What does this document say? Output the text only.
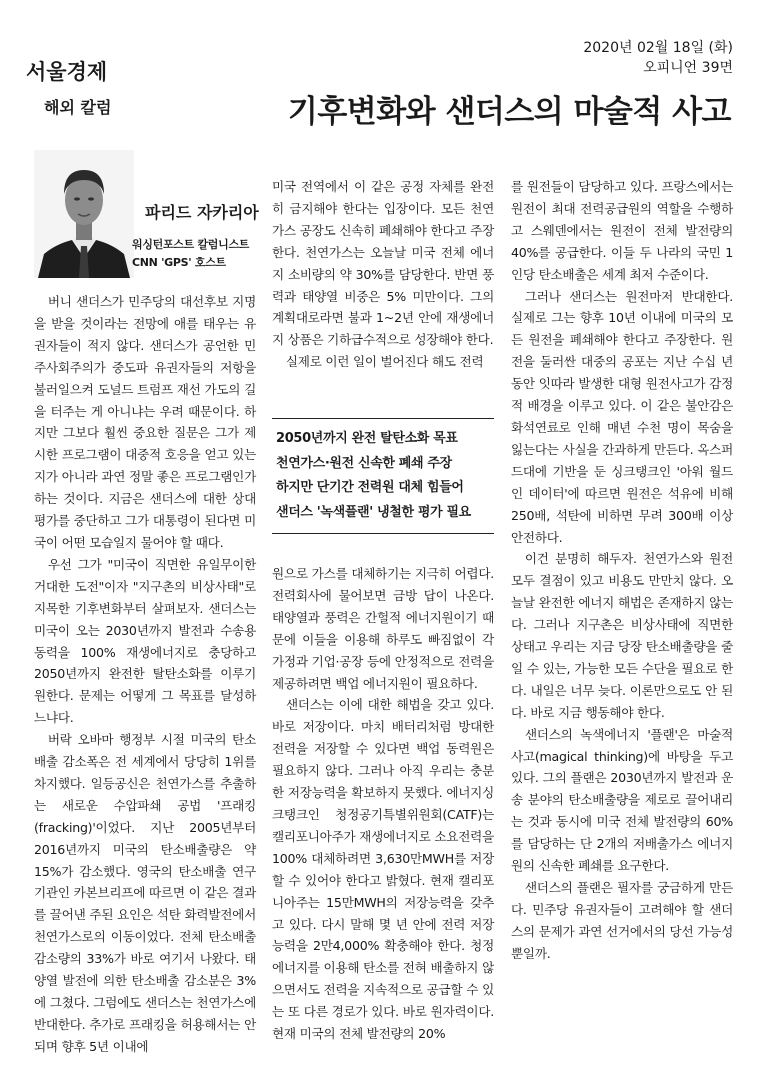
서울경제
해외 칼럼
2020년 02월 18일 (화)
오피니언 39면
기후변화와 샌더스의 마술적 사고
파리드 자카리아
워싱턴포스트 칼럼니스트
CNN 'GPS' 호스트

버니 샌더스가 민주당의 대선후보 지명을 받을 것이라는 전망에 애를 태우는 유권자들이 적지 않다. 샌더스가 공언한 민주사회주의가 중도파 유권자들의 저항을 불러일으켜 도널드 트럼프 재선 가도의 길을 터주는 게 아니냐는 우려 때문이다. 하지만 그보다 훨씬 중요한 질문은 그가 제시한 프로그램이 대중적 호응을 얻고 있는지가 아니라 과연 정말 좋은 프로그램인가 하는 것이다. 지금은 샌더스에 대한 상대평가를 중단하고 그가 대통령이 된다면 미국이 어떤 모습일지 물어야 할 때다.

우선 그가 "미국이 직면한 유일무이한 거대한 도전"이자 "지구촌의 비상사태"로 지목한 기후변화부터 살펴보자. 샌더스는 미국이 오는 2030년까지 발전과 수송용 동력을 100% 재생에너지로 충당하고 2050년까지 완전한 탈탄소화를 이루기 원한다. 문제는 어떻게 그 목표를 달성하느냐다.

버락 오바마 행정부 시절 미국의 탄소배출 감소폭은 전 세계에서 당당히 1위를 차지했다. 일등공신은 천연가스를 추출하는 새로운 수압파쇄 공법 '프래킹(fracking)'이었다. 지난 2005년부터 2016년까지 미국의 탄소배출량은 약 15%가 감소했다. 영국의 탄소배출 연구기관인 카본브리프에 따르면 이 같은 결과를 끌어낸 주된 요인은 석탄 화력발전에서 천연가스로의 이동이었다. 전체 탄소배출 감소량의 33%가 바로 여기서 나왔다. 태양열 발전에 의한 탄소배출 감소분은 3%에 그쳤다. 그럼에도 샌더스는 천연가스에 반대한다. 추가로 프래킹을 허용해서는 안 되며 향후 5년 이내에

미국 전역에서 이 같은 공정 자체를 완전히 금지해야 한다는 입장이다. 모든 천연가스 공장도 신속히 폐쇄해야 한다고 주장한다. 천연가스는 오늘날 미국 전체 에너지 소비량의 약 30%를 담당한다. 반면 풍력과 태양열 비중은 5% 미만이다. 그의 계획대로라면 불과 1~2년 안에 재생에너지 상품은 기하급수적으로 성장해야 한다.

실제로 이런 일이 벌어진다 해도 전력

2050년까지 완전 탈탄소화 목표
천연가스·원전 신속한 폐쇄 주장
하지만 단기간 전력원 대체 힘들어
샌더스 '녹색플랜' 냉철한 평가 필요

원으로 가스를 대체하기는 지극히 어렵다. 전력회사에 물어보면 금방 답이 나온다. 태양열과 풍력은 간헐적 에너지원이기 때문에 이들을 이용해 하루도 빠짐없이 각 가정과 기업·공장 등에 안정적으로 전력을 제공하려면 백업 에너지원이 필요하다.

샌더스는 이에 대한 해법을 갖고 있다. 바로 저장이다. 마치 배터리처럼 방대한 전력을 저장할 수 있다면 백업 동력원은 필요하지 않다. 그러나 아직 우리는 충분한 저장능력을 확보하지 못했다. 에너지싱크탱크인 청정공기특별위원회(CATF)는 캘리포니아주가 재생에너지로 소요전력을 100% 대체하려면 3,630만MWH를 저장할 수 있어야 한다고 밝혔다. 현재 캘리포니아주는 15만MWH의 저장능력을 갖추고 있다. 다시 말해 몇 년 안에 전력 저장능력을 2만4,000% 확충해야 한다. 청정에너지를 이용해 탄소를 전혀 배출하지 않으면서도 전력을 지속적으로 공급할 수 있는 또 다른 경로가 있다. 바로 원자력이다. 현재 미국의 전체 발전량의 20%

를 원전들이 담당하고 있다. 프랑스에서는 원전이 최대 전력공급원의 역할을 수행하고 스웨덴에서는 원전이 전체 발전량의 40%를 공급한다. 이들 두 나라의 국민 1인당 탄소배출은 세계 최저 수준이다.

그러나 샌더스는 원전마저 반대한다. 실제로 그는 향후 10년 이내에 미국의 모든 원전을 폐쇄해야 한다고 주장한다. 원전을 둘러싼 대중의 공포는 지난 수십 년 동안 잇따라 발생한 대형 원전사고가 감정적 배경을 이루고 있다. 이 같은 불안감은 화석연료로 인해 매년 수천 명이 목숨을 잃는다는 사실을 간과하게 만든다. 옥스퍼드대에 기반을 둔 싱크탱크인 '아워 월드 인 데이터'에 따르면 원전은 석유에 비해 250배, 석탄에 비하면 무려 300배 이상 안전하다.

이건 분명히 해두자. 천연가스와 원전 모두 결점이 있고 비용도 만만치 않다. 오늘날 완전한 에너지 해법은 존재하지 않는다. 그러나 지구촌은 비상사태에 직면한 상태고 우리는 지금 당장 탄소배출량을 줄일 수 있는, 가능한 모든 수단을 필요로 한다. 내일은 너무 늦다. 이론만으로도 안 된다. 바로 지금 행동해야 한다.

샌더스의 녹색에너지 '플랜'은 마술적 사고(magical thinking)에 바탕을 두고 있다. 그의 플랜은 2030년까지 발전과 운송 분야의 탄소배출량을 제로로 끌어내리는 것과 동시에 미국 전체 발전량의 60%를 담당하는 단 2개의 저배출가스 에너지원의 신속한 폐쇄를 요구한다.

샌더스의 플랜은 필자를 궁금하게 만든다. 민주당 유권자들이 고려해야 할 샌더스의 문제가 과연 선거에서의 당선 가능성뿐일까.
